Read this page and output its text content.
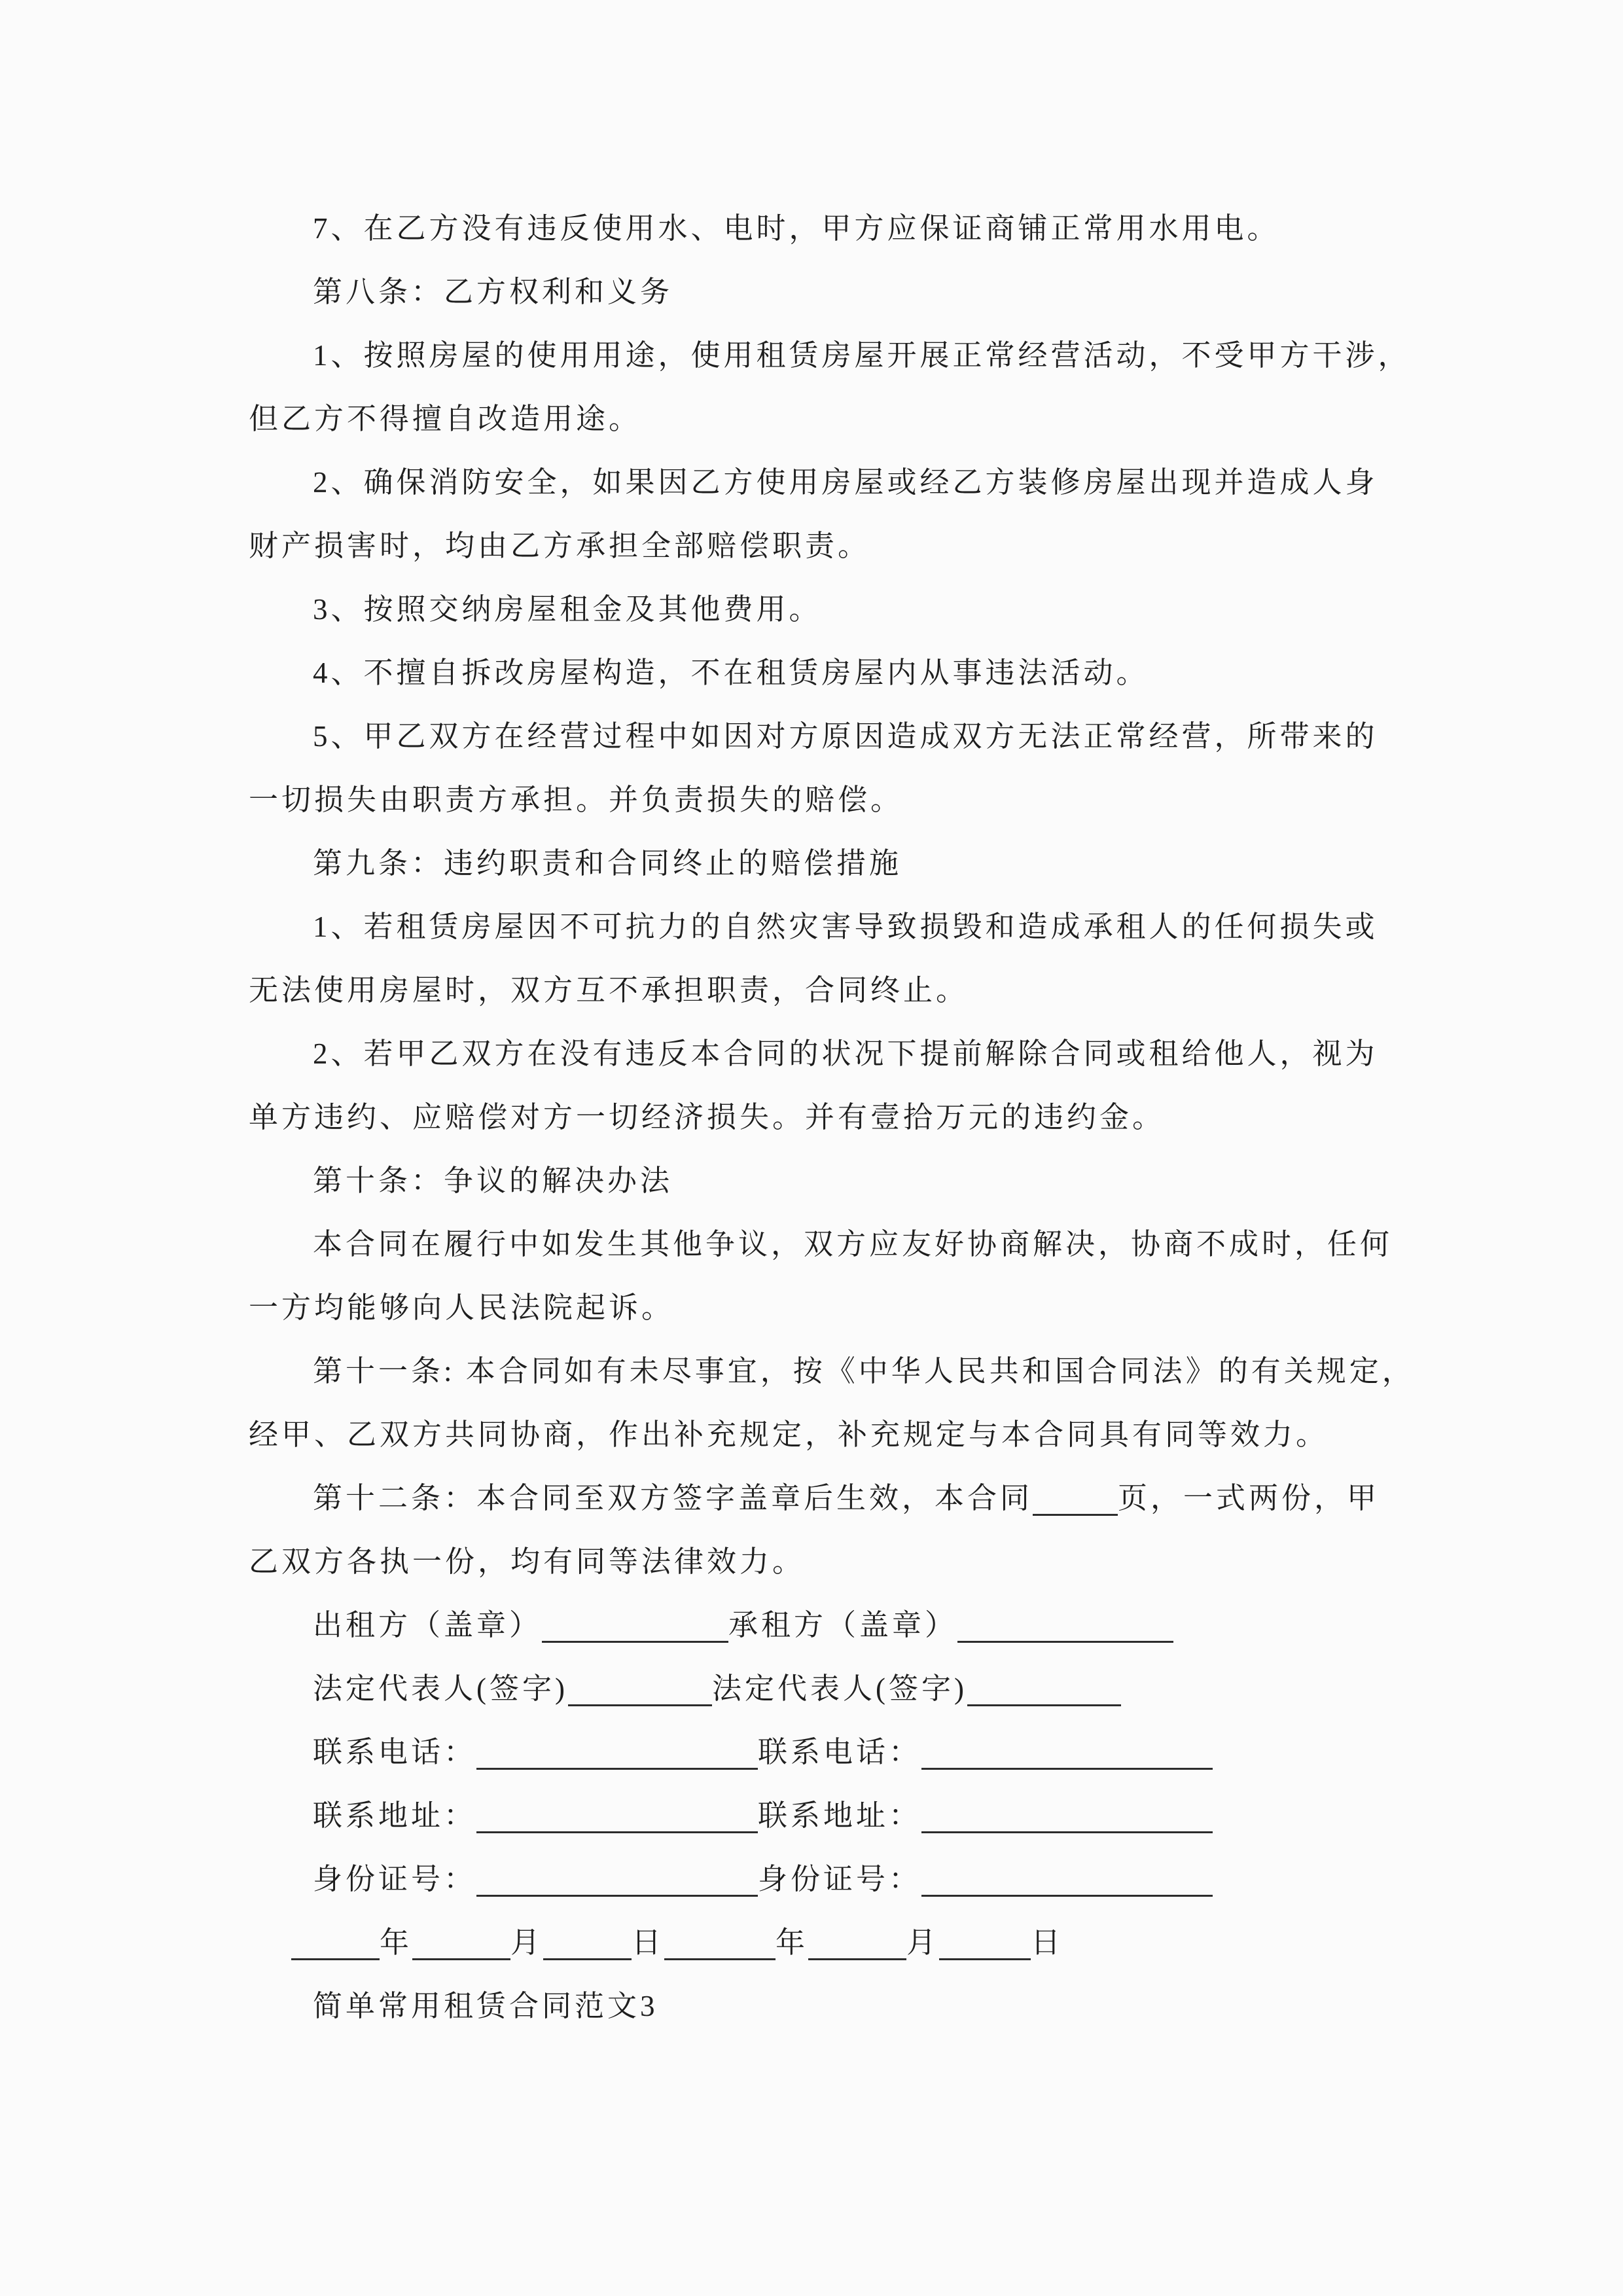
7、在乙方没有违反使用水、电时，甲方应保证商铺正常用水用电。
第八条：乙方权利和义务
1、按照房屋的使用用途，使用租赁房屋开展正常经营活动，不受甲方干涉，
但乙方不得擅自改造用途。
2、确保消防安全，如果因乙方使用房屋或经乙方装修房屋出现并造成人身
财产损害时，均由乙方承担全部赔偿职责。
3、按照交纳房屋租金及其他费用。
4、不擅自拆改房屋构造，不在租赁房屋内从事违法活动。
5、甲乙双方在经营过程中如因对方原因造成双方无法正常经营，所带来的
一切损失由职责方承担。并负责损失的赔偿。
第九条：违约职责和合同终止的赔偿措施
1、若租赁房屋因不可抗力的自然灾害导致损毁和造成承租人的任何损失或
无法使用房屋时，双方互不承担职责，合同终止。
2、若甲乙双方在没有违反本合同的状况下提前解除合同或租给他人，视为
单方违约、应赔偿对方一切经济损失。并有壹拾万元的违约金。
第十条：争议的解决办法
本合同在履行中如发生其他争议，双方应友好协商解决，协商不成时，任何
一方均能够向人民法院起诉。
第十一条: 本合同如有未尽事宜，按《中华人民共和国合同法》的有关规定，
经甲、乙双方共同协商，作出补充规定，补充规定与本合同具有同等效力。
第十二条：本合同至双方签字盖章后生效，本合同	页，一式两份，甲
乙双方各执一份，均有同等法律效力。
出租方（盖章）	承租方（盖章）
法定代表人(签字)	法定代表人(签字)
联系电话：	联系电话：
联系地址：	联系地址：
身份证号：	身份证号：
年	月	日	年	月	日
简单常用租赁合同范文3
